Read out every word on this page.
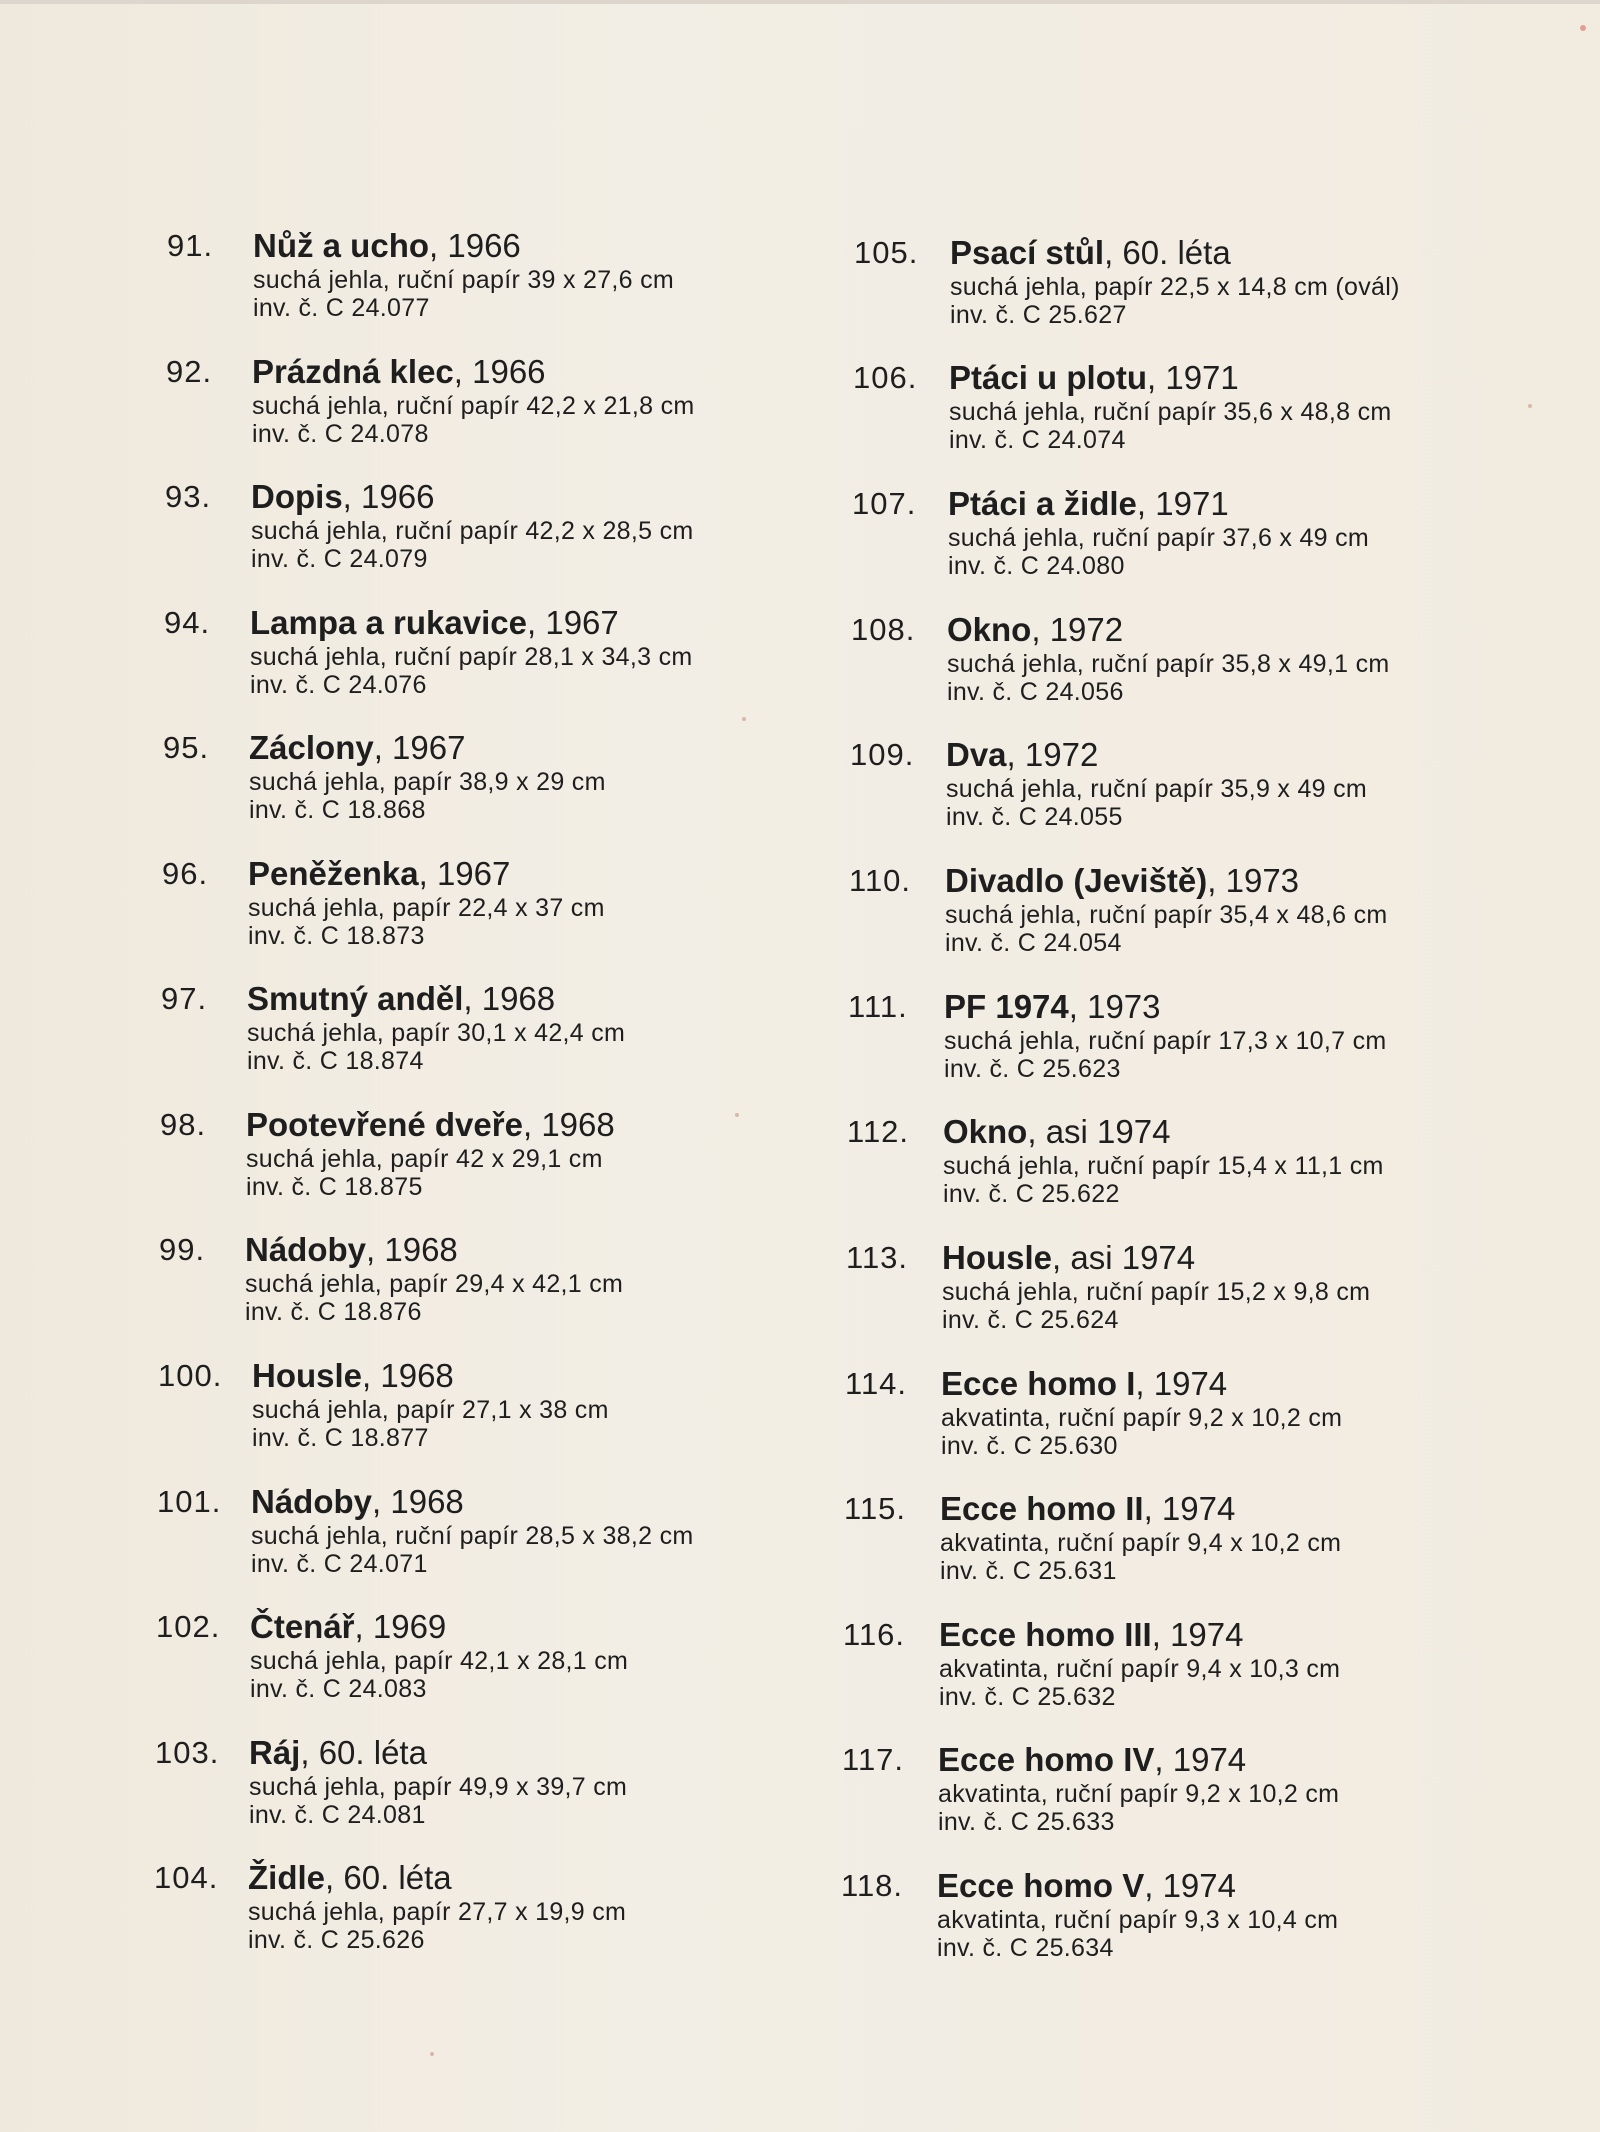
91. Nůž a ucho, 1966
suchá jehla, ruční papír 39 x 27,6 cm
inv. č. C 24.077
92. Prázdná klec, 1966
suchá jehla, ruční papír 42,2 x 21,8 cm
inv. č. C 24.078
93. Dopis, 1966
suchá jehla, ruční papír 42,2 x 28,5 cm
inv. č. C 24.079
94. Lampa a rukavice, 1967
suchá jehla, ruční papír 28,1 x 34,3 cm
inv. č. C 24.076
95. Záclony, 1967
suchá jehla, papír 38,9 x 29 cm
inv. č. C 18.868
96. Peněženka, 1967
suchá jehla, papír 22,4 x 37 cm
inv. č. C 18.873
97. Smutný anděl, 1968
suchá jehla, papír 30,1 x 42,4 cm
inv. č. C 18.874
98. Pootevřené dveře, 1968
suchá jehla, papír 42 x 29,1 cm
inv. č. C 18.875
99. Nádoby, 1968
suchá jehla, papír 29,4 x 42,1 cm
inv. č. C 18.876
100. Housle, 1968
suchá jehla, papír 27,1 x 38 cm
inv. č. C 18.877
101. Nádoby, 1968
suchá jehla, ruční papír 28,5 x 38,2 cm
inv. č. C 24.071
102. Čtenář, 1969
suchá jehla, papír 42,1 x 28,1 cm
inv. č. C 24.083
103. Ráj, 60. léta
suchá jehla, papír 49,9 x 39,7 cm
inv. č. C 24.081
104. Židle, 60. léta
suchá jehla, papír 27,7 x 19,9 cm
inv. č. C 25.626
105. Psací stůl, 60. léta
suchá jehla, papír 22,5 x 14,8 cm (ovál)
inv. č. C 25.627
106. Ptáci u plotu, 1971
suchá jehla, ruční papír 35,6 x 48,8 cm
inv. č. C 24.074
107. Ptáci a židle, 1971
suchá jehla, ruční papír 37,6 x 49 cm
inv. č. C 24.080
108. Okno, 1972
suchá jehla, ruční papír 35,8 x 49,1 cm
inv. č. C 24.056
109. Dva, 1972
suchá jehla, ruční papír 35,9 x 49 cm
inv. č. C 24.055
110. Divadlo (Jeviště), 1973
suchá jehla, ruční papír 35,4 x 48,6 cm
inv. č. C 24.054
111. PF 1974, 1973
suchá jehla, ruční papír 17,3 x 10,7 cm
inv. č. C 25.623
112. Okno, asi 1974
suchá jehla, ruční papír 15,4 x 11,1 cm
inv. č. C 25.622
113. Housle, asi 1974
suchá jehla, ruční papír 15,2 x 9,8 cm
inv. č. C 25.624
114. Ecce homo I, 1974
akvatinta, ruční papír 9,2 x 10,2 cm
inv. č. C 25.630
115. Ecce homo II, 1974
akvatinta, ruční papír 9,4 x 10,2 cm
inv. č. C 25.631
116. Ecce homo III, 1974
akvatinta, ruční papír 9,4 x 10,3 cm
inv. č. C 25.632
117. Ecce homo IV, 1974
akvatinta, ruční papír 9,2 x 10,2 cm
inv. č. C 25.633
118. Ecce homo V, 1974
akvatinta, ruční papír 9,3 x 10,4 cm
inv. č. C 25.634
